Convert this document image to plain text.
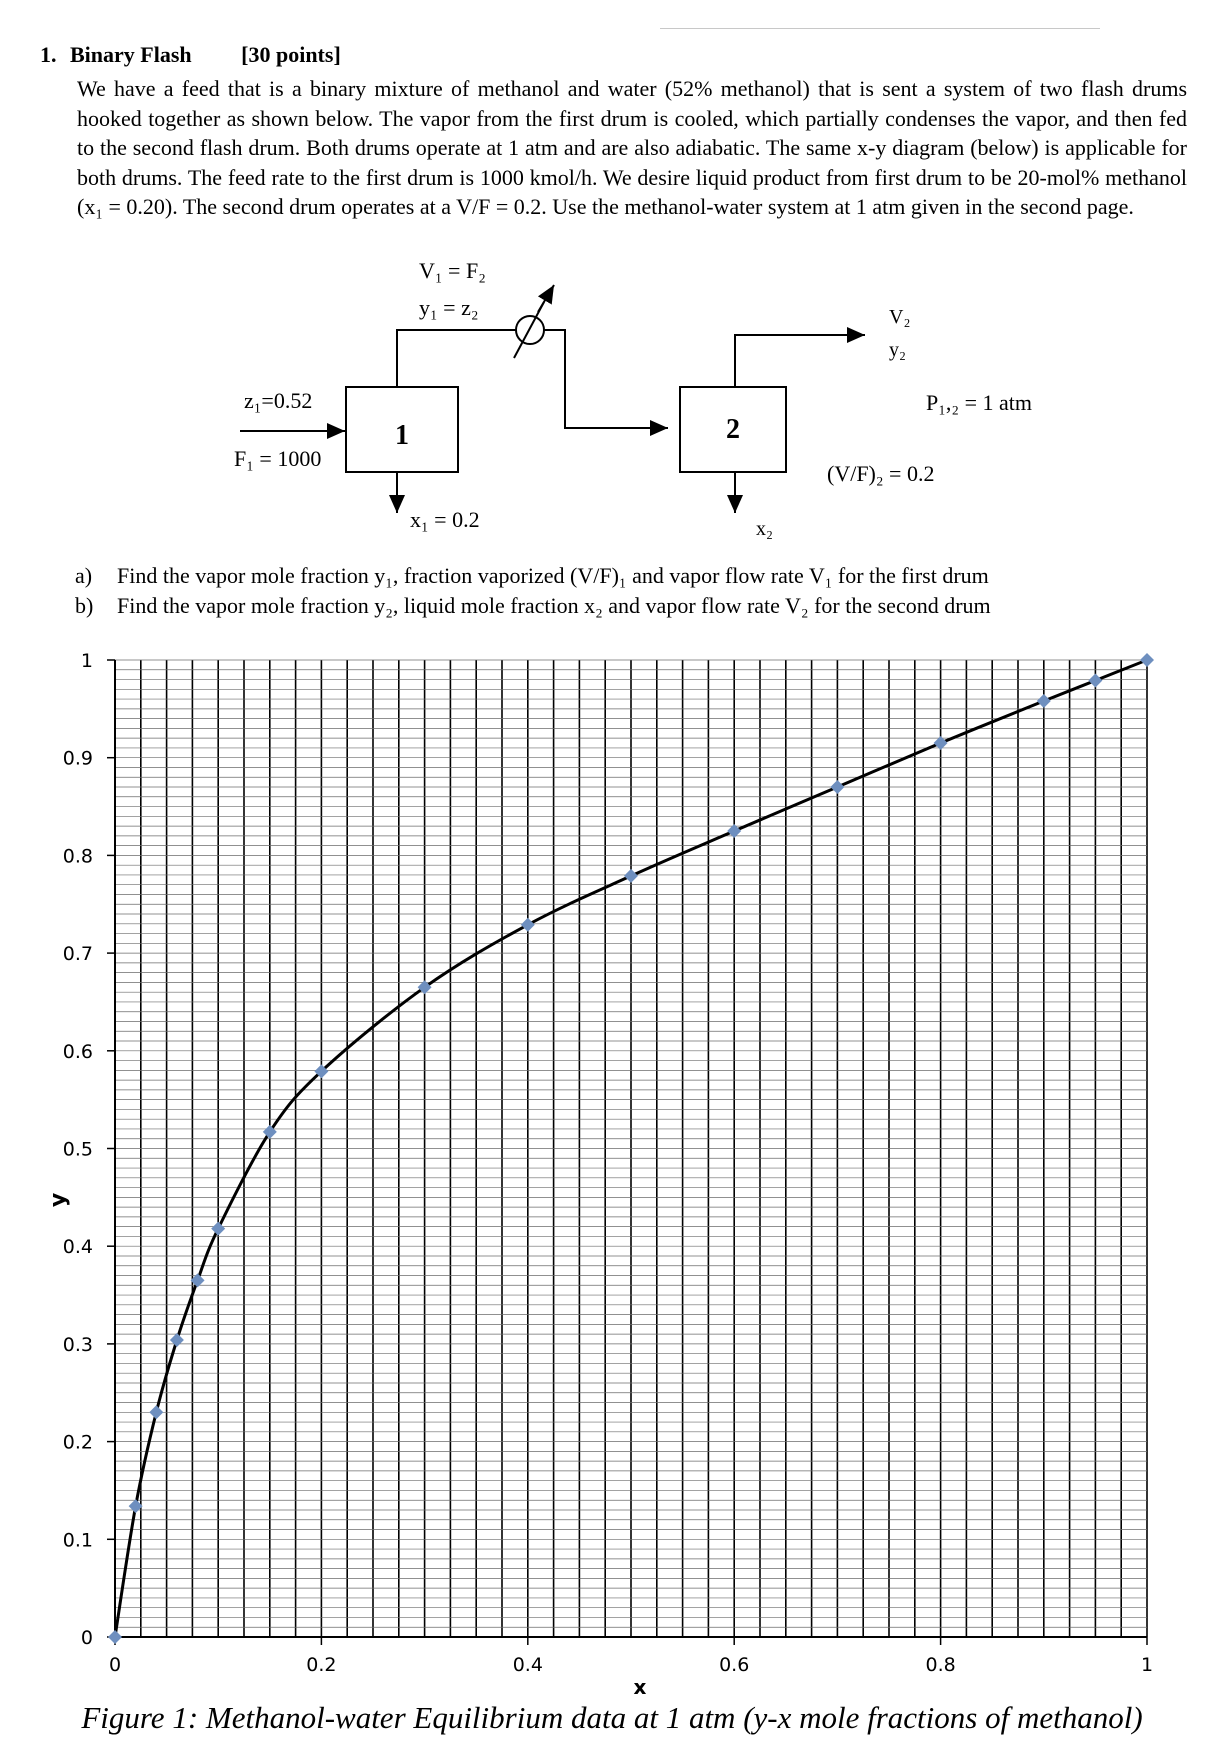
1. Binary Flash [30 points]
We have a feed that is a binary mixture of methanol and water (52% methanol) that is sent a system of two flash drums hooked together as shown below. The vapor from the first drum is cooled, which partially condenses the vapor, and then fed to the second flash drum. Both drums operate at 1 atm and are also adiabatic. The same x-y diagram (below) is applicable for both drums. The feed rate to the first drum is 1000 kmol/h. We desire liquid product from first drum to be 20-mol% methanol (x₁ = 0.20). The second drum operates at a V/F = 0.2. Use the methanol-water system at 1 atm given in the second page.
1	2
V₁ = F₂
y₁ = z₂
z₁=0.52
F₁ = 1000
x₁ = 0.2	x₂
V₂
y₂
P₁,₂ = 1 atm
(V/F)₂ = 0.2
a)	Find the vapor mole fraction y₁, fraction vaporized (V/F)₁ and vapor flow rate V₁ for the first drum
b)	Find the vapor mole fraction y₂, liquid mole fraction x₂ and vapor flow rate V₂ for the second drum
0	0.2	0.4	0.6	0.8	1
0
0.1
0.2
0.3
0.4
0.5
0.6
0.7
0.8
0.9
1
x
y
Figure 1: Methanol-water Equilibrium data at 1 atm (y-x mole fractions of methanol)
